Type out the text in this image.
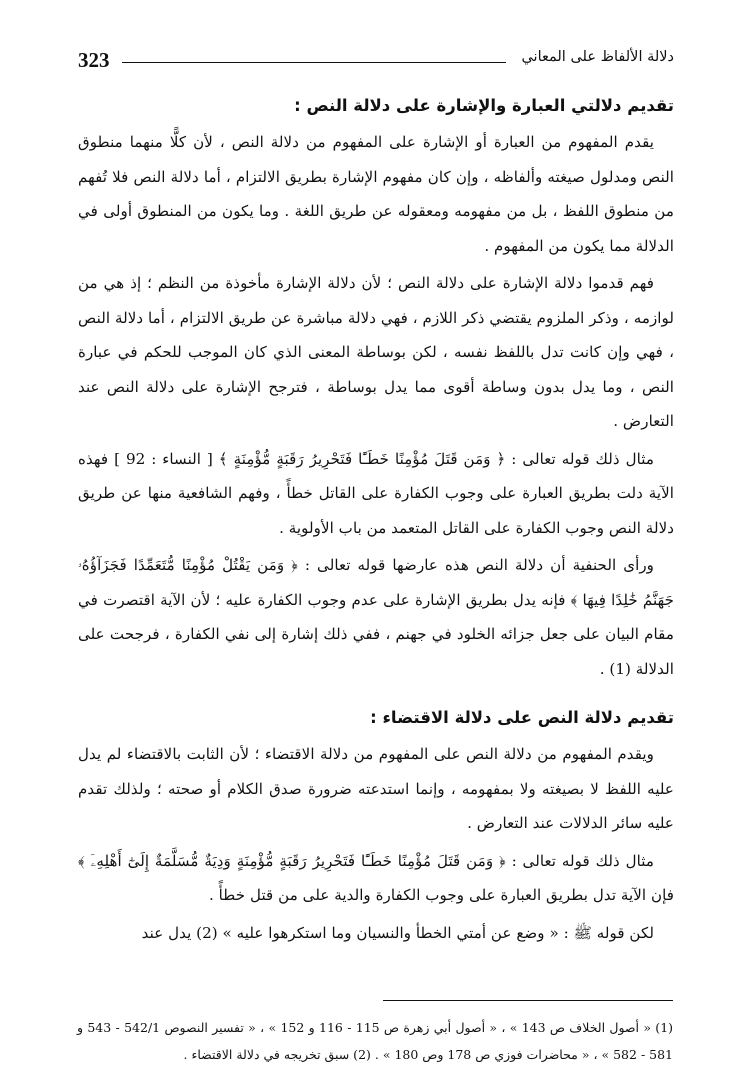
323	دلالة الألفاظ على المعاني
تقديم دلالتي العبارة والإشارة على دلالة النص :

يقدم المفهوم من العبارة أو الإشارة على المفهوم من دلالة النص ، لأن كلًّا منهما منطوق النص ومدلول صيغته وألفاظه ، وإن كان مفهوم الإشارة بطريق الالتزام ، أما دلالة النص فلا تُفهم من منطوق اللفظ ، بل من مفهومه ومعقوله عن طريق اللغة . وما يكون من المنطوق أولى في الدلالة مما يكون من المفهوم .

فهم قدموا دلالة الإشارة على دلالة النص ؛ لأن دلالة الإشارة مأخوذة من النظم ؛ إذ هي من لوازمه ، وذكر الملزوم يقتضي ذكر اللازم ، فهي دلالة مباشرة عن طريق الالتزام ، أما دلالة النص ، فهي وإن كانت تدل باللفظ نفسه ، لكن بوساطة المعنى الذي كان الموجب للحكم في عبارة النص ، وما يدل بدون وساطة أقوى مما يدل بوساطة ، فترجح الإشارة على دلالة النص عند التعارض .

مثال ذلك قوله تعالى : ﴿ وَمَن قَتَلَ مُؤْمِنًا خَطَـًٔا فَتَحْرِيرُ رَقَبَةٍ مُّؤْمِنَةٍ ﴾ [ النساء : 92 ] فهذه الآية دلت بطريق العبارة على وجوب الكفارة على القاتل خطأً ، وفهم الشافعية منها عن طريق دلالة النص وجوب الكفارة على القاتل المتعمد من باب الأولوية .

ورأى الحنفية أن دلالة النص هذه عارضها قوله تعالى : ﴿ وَمَن يَقْتُلْ مُؤْمِنًا مُّتَعَمِّدًا فَجَزَآؤُهُۥ جَهَنَّمُ خَٰلِدًا فِيهَا ﴾ فإنه يدل بطريق الإشارة على عدم وجوب الكفارة عليه ؛ لأن الآية اقتصرت في مقام البيان على جعل جزائه الخلود في جهنم ، ففي ذلك إشارة إلى نفي الكفارة ، فرجحت على الدلالة (1) .

تقديم دلالة النص على دلالة الاقتضاء :

ويقدم المفهوم من دلالة النص على المفهوم من دلالة الاقتضاء ؛ لأن الثابت بالاقتضاء لم يدل عليه اللفظ لا بصيغته ولا بمفهومه ، وإنما استدعته ضرورة صدق الكلام أو صحته ؛ ولذلك تقدم عليه سائر الدلالات عند التعارض .

مثال ذلك قوله تعالى : ﴿ وَمَن قَتَلَ مُؤْمِنًا خَطَـًٔا فَتَحْرِيرُ رَقَبَةٍ مُّؤْمِنَةٍ وَدِيَةٌ مُّسَلَّمَةٌ إِلَىٰٓ أَهْلِهِۦٓ ﴾ فإن الآية تدل بطريق العبارة على وجوب الكفارة والدية على من قتل خطأً .

لكن قوله ﷺ : « وضع عن أمتي الخطأ والنسيان وما استكرهوا عليه » (2) يدل عند

(1) « أصول الخلاف ص 143 » ، « أصول أبي زهرة ص 115 - 116 و 152 » ، « تفسير النصوص 542/1 - 543 و 581 - 582 » ، « محاضرات فوزي ص 178 وص 180 » . (2) سبق تخريجه في دلالة الاقتضاء .
